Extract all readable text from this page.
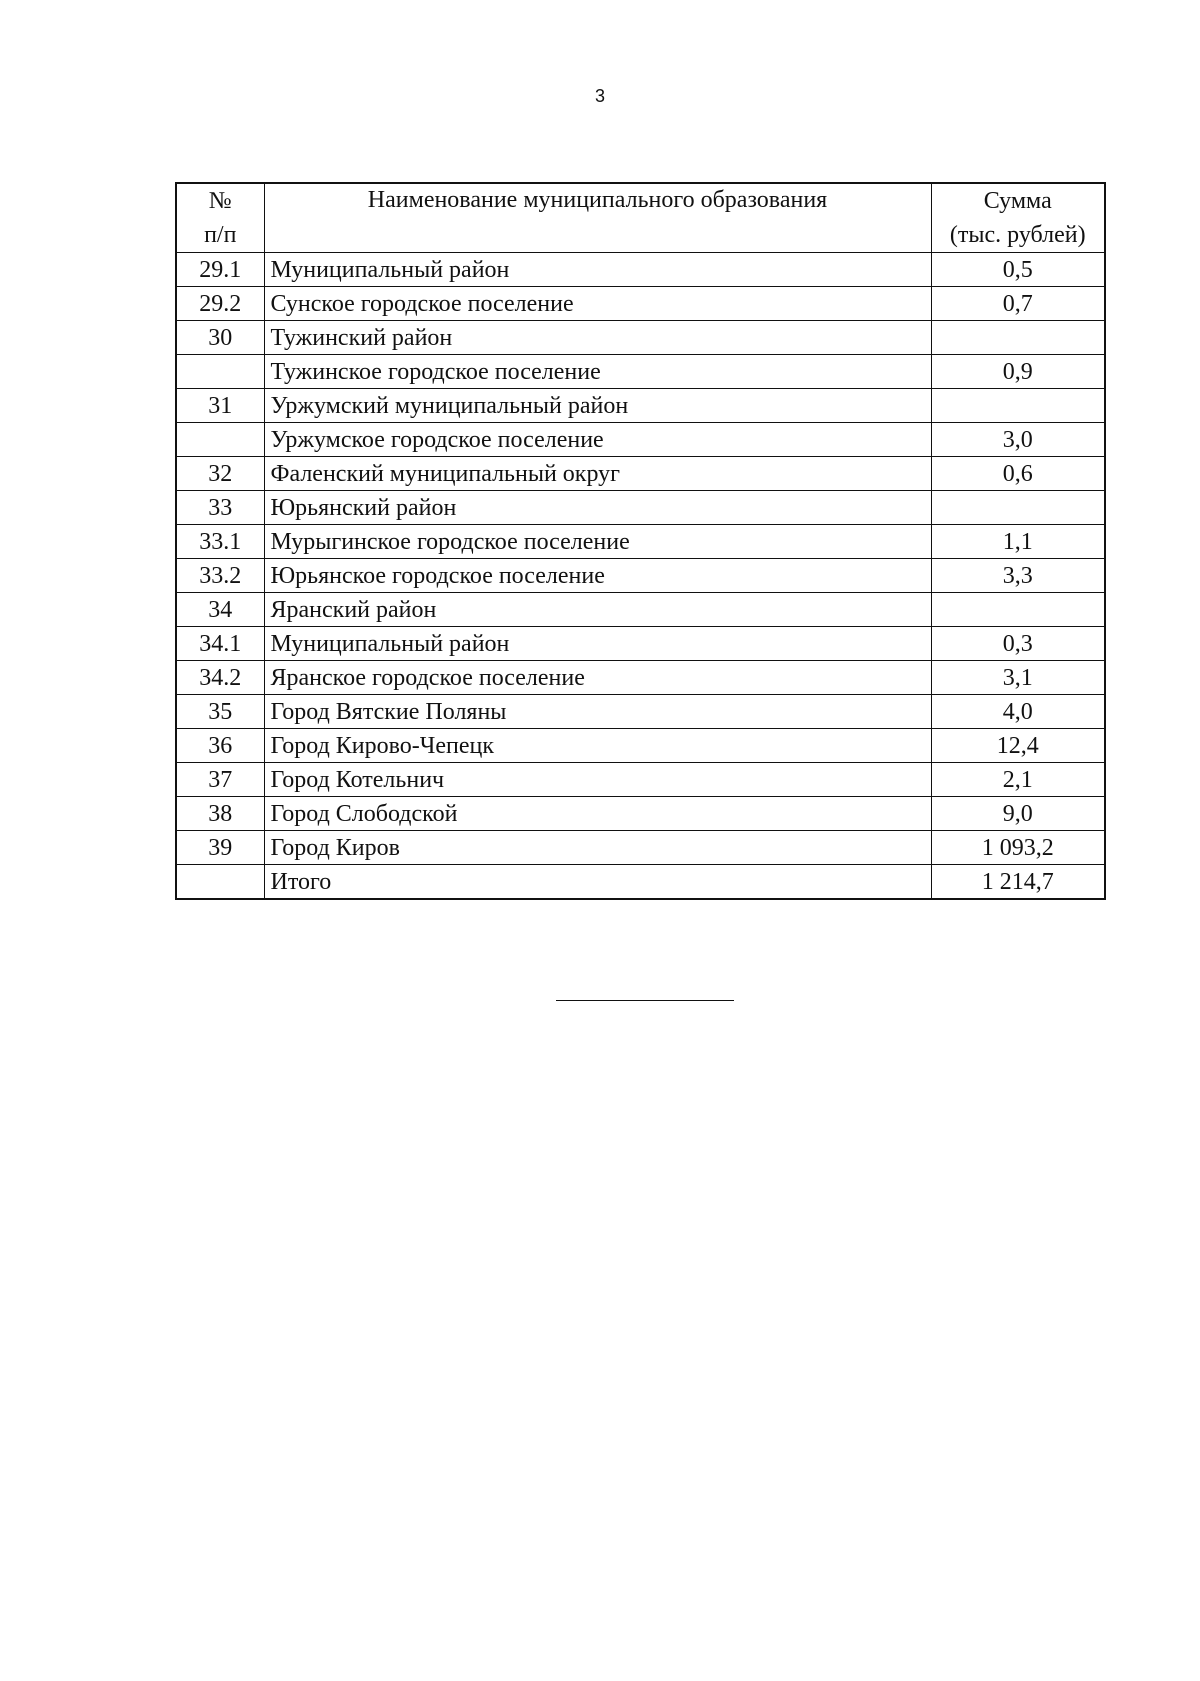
3
№	Наименование муниципального образования	Сумма
п/п		(тыс. рублей)
29.1	Муниципальный район	0,5
29.2	Сунское городское поселение	0,7
30	Тужинский район	
	Тужинское городское поселение	0,9
31	Уржумский муниципальный район	
	Уржумское городское поселение	3,0
32	Фаленский муниципальный округ	0,6
33	Юрьянский район	
33.1	Мурыгинское городское поселение	1,1
33.2	Юрьянское городское поселение	3,3
34	Яранский район	
34.1	Муниципальный район	0,3
34.2	Яранское городское поселение	3,1
35	Город Вятские Поляны	4,0
36	Город Кирово-Чепецк	12,4
37	Город Котельнич	2,1
38	Город Слободской	9,0
39	Город Киров	1 093,2
	Итого	1 214,7
